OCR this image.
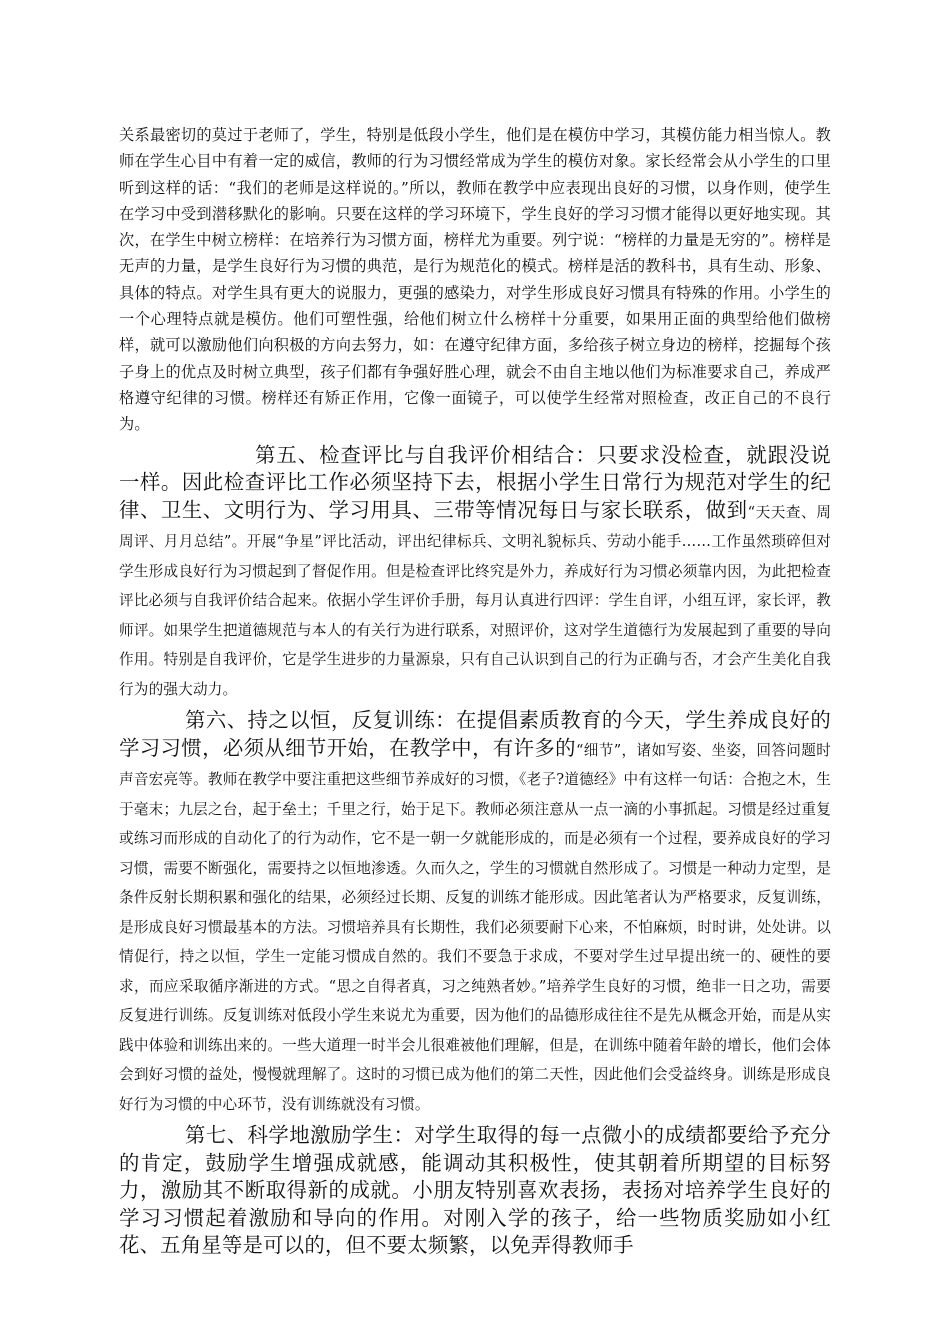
关系最密切的莫过于老师了，学生，特别是低段小学生，他们是在模仿中学习，其模仿能力相当惊人。教师在学生心目中有着一定的威信，教师的行为习惯经常成为学生的模仿对象。家长经常会从小学生的口里听到这样的话：“我们的老师是这样说的。”所以，教师在教学中应表现出良好的习惯，以身作则，使学生在学习中受到潜移默化的影响。只要在这样的学习环境下，学生良好的学习习惯才能得以更好地实现。其次，在学生中树立榜样：在培养行为习惯方面，榜样尤为重要。列宁说：“榜样的力量是无穷的”。榜样是无声的力量，是学生良好行为习惯的典范，是行为规范化的模式。榜样是活的教科书，具有生动、形象、具体的特点。对学生具有更大的说服力，更强的感染力，对学生形成良好习惯具有特殊的作用。小学生的一个心理特点就是模仿。他们可塑性强，给他们树立什么榜样十分重要，如果用正面的典型给他们做榜样，就可以激励他们向积极的方向去努力，如：在遵守纪律方面，多给孩子树立身边的榜样，挖掘每个孩子身上的优点及时树立典型，孩子们都有争强好胜心理，就会不由自主地以他们为标准要求自己，养成严格遵守纪律的习惯。榜样还有矫正作用，它像一面镜子，可以使学生经常对照检查，改正自己的不良行为。

第五、检查评比与自我评价相结合：只要求没检查，就跟没说一样。因此检查评比工作必须坚持下去，根据小学生日常行为规范对学生的纪律、卫生、文明行为、学习用具、三带等情况每日与家长联系，做到“天天查、周周评、月月总结”。开展“争星”评比活动，评出纪律标兵、文明礼貌标兵、劳动小能手……工作虽然琐碎但对学生形成良好行为习惯起到了督促作用。但是检查评比终究是外力，养成好行为习惯必须靠内因，为此把检查评比必须与自我评价结合起来。依据小学生评价手册，每月认真进行四评：学生自评，小组互评，家长评，教师评。如果学生把道德规范与本人的有关行为进行联系，对照评价，这对学生道德行为发展起到了重要的导向作用。特别是自我评价，它是学生进步的力量源泉，只有自己认识到自己的行为正确与否，才会产生美化自我行为的强大动力。

第六、持之以恒，反复训练：在提倡素质教育的今天，学生养成良好的学习习惯，必须从细节开始，在教学中，有许多的“细节”，诸如写姿、坐姿，回答问题时声音宏亮等。教师在教学中要注重把这些细节养成好的习惯，《老子?道德经》中有这样一句话：合抱之木，生于毫末；九层之台，起于垒土；千里之行，始于足下。教师必须注意从一点一滴的小事抓起。习惯是经过重复或练习而形成的自动化了的行为动作，它不是一朝一夕就能形成的，而是必须有一个过程，要养成良好的学习习惯，需要不断强化，需要持之以恒地渗透。久而久之，学生的习惯就自然形成了。习惯是一种动力定型，是条件反射长期积累和强化的结果，必须经过长期、反复的训练才能形成。因此笔者认为严格要求，反复训练，是形成良好习惯最基本的方法。习惯培养具有长期性，我们必须要耐下心来，不怕麻烦，时时讲，处处讲。以情促行，持之以恒，学生一定能习惯成自然的。我们不要急于求成，不要对学生过早提出统一的、硬性的要求，而应采取循序渐进的方式。“思之自得者真，习之纯熟者妙。”培养学生良好的习惯，绝非一日之功，需要反复进行训练。反复训练对低段小学生来说尤为重要，因为他们的品德形成往往不是先从概念开始，而是从实践中体验和训练出来的。一些大道理一时半会儿很难被他们理解，但是，在训练中随着年龄的增长，他们会体会到好习惯的益处，慢慢就理解了。这时的习惯已成为他们的第二天性，因此他们会受益终身。训练是形成良好行为习惯的中心环节，没有训练就没有习惯。

第七、科学地激励学生：对学生取得的每一点微小的成绩都要给予充分的肯定，鼓励学生增强成就感，能调动其积极性，使其朝着所期望的目标努力，激励其不断取得新的成就。小朋友特别喜欢表扬，表扬对培养学生良好的学习习惯起着激励和导向的作用。对刚入学的孩子，给一些物质奖励如小红花、五角星等是可以的，但不要太频繁，以免弄得教师手
